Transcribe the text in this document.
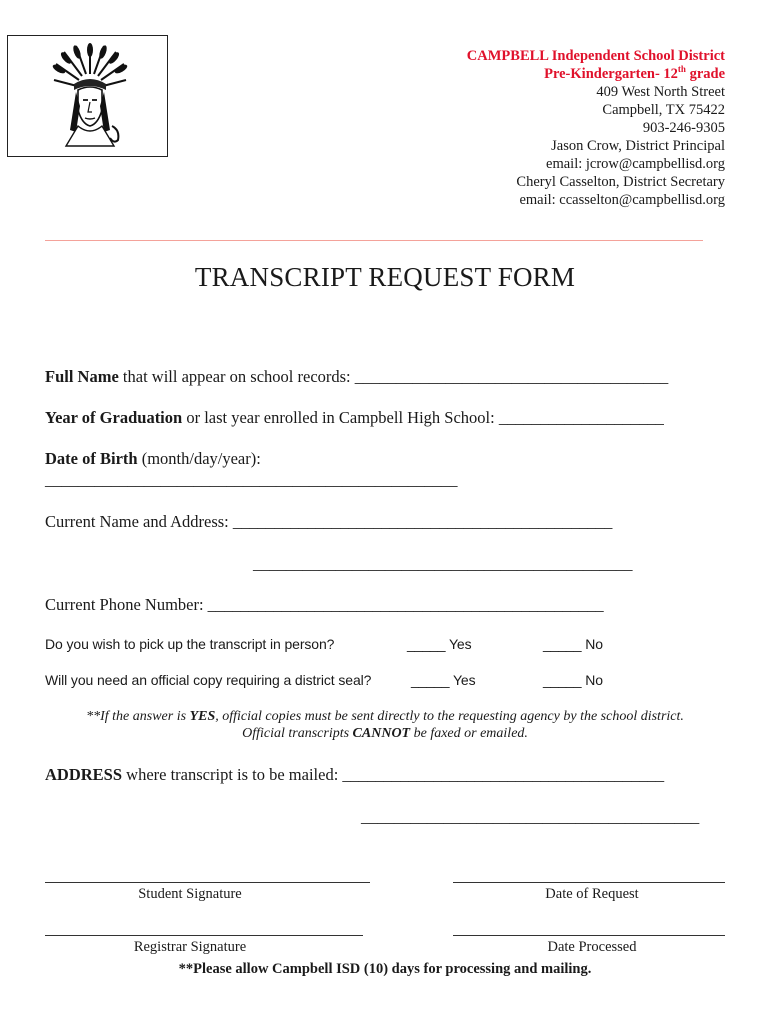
CAMPBELL Independent School District
Pre-Kindergarten- 12th grade
409 West North Street
Campbell, TX 75422
903-246-9305
Jason Crow, District Principal
email: jcrow@campbellisd.org
Cheryl Casselton, District Secretary
email: ccasselton@campbellisd.org
TRANSCRIPT REQUEST FORM
Full Name that will appear on school records: ______________________________________
Year of Graduation or last year enrolled in Campbell High School: ____________________
Date of Birth (month/day/year):
__________________________________________________
Current Name and Address: ______________________________________________
______________________________________________
Current Phone Number: ________________________________________________
Do you wish to pick up the transcript in person?	_____ Yes	_____ No
Will you need an official copy requiring a district seal?	_____ Yes	_____ No
**If the answer is YES, official copies must be sent directly to the requesting agency by the school district.
Official transcripts CANNOT be faxed or emailed.
ADDRESS where transcript is to be mailed: _______________________________________
_________________________________________
Student Signature	Date of Request
Registrar Signature	Date Processed
**Please allow Campbell ISD (10) days for processing and mailing.
